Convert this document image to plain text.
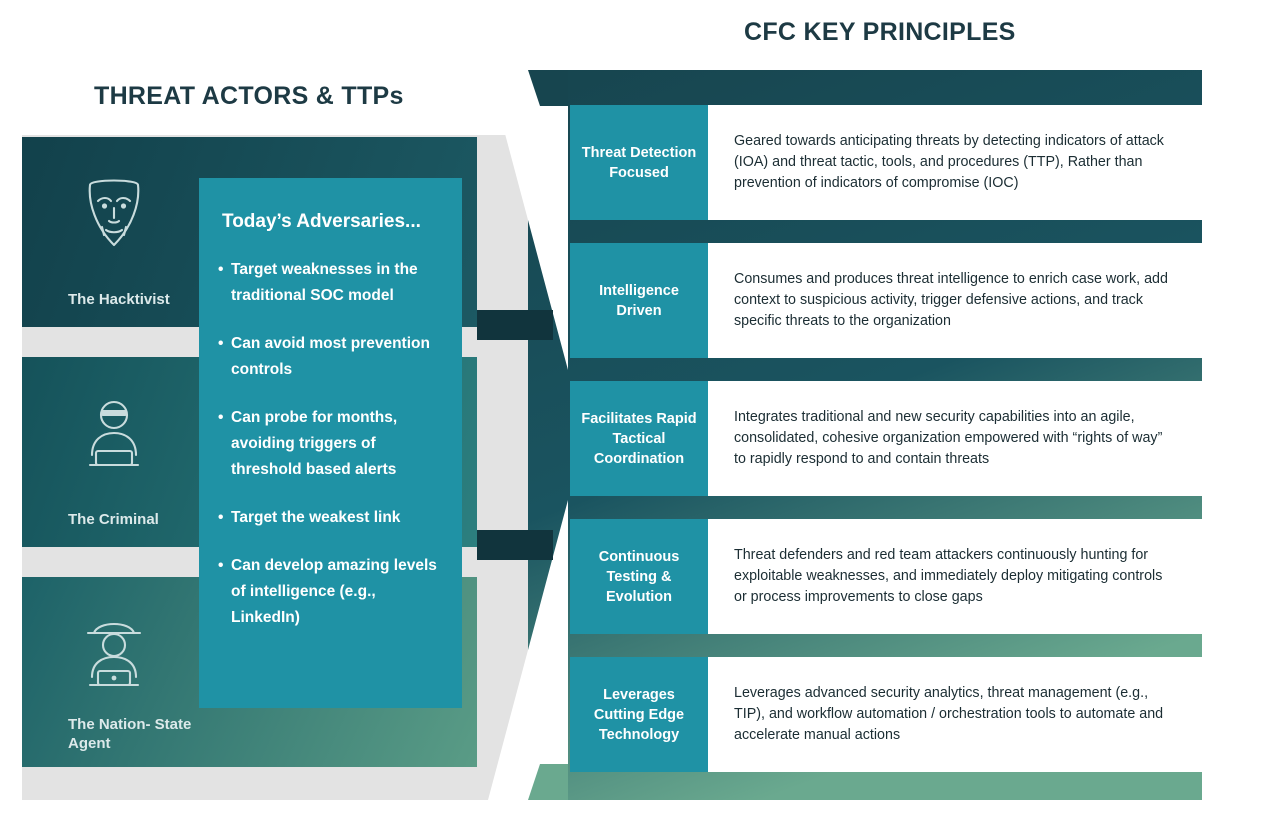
THREAT ACTORS & TTPs
CFC KEY PRINCIPLES
The Hacktivist
The Criminal
The Nation- State Agent
Today’s Adversaries...
• Target weaknesses in the traditional SOC model
• Can avoid most prevention controls
• Can probe for months, avoiding triggers of threshold based alerts
• Target the weakest link
• Can develop amazing levels of intelligence (e.g., LinkedIn)
Threat Detection Focused
Geared towards anticipating threats by detecting indicators of attack (IOA) and threat tactic, tools, and procedures (TTP), Rather than prevention of indicators of compromise (IOC)
Intelligence Driven
Consumes and produces threat intelligence to enrich case work, add context to suspicious activity, trigger defensive actions, and track specific threats to the organization
Facilitates Rapid Tactical Coordination
Integrates traditional and new security capabilities into an agile, consolidated, cohesive organization empowered with “rights of way” to rapidly respond to and contain threats
Continuous Testing & Evolution
Threat defenders and red team attackers continuously hunting for exploitable weaknesses, and immediately deploy mitigating controls or process improvements to close gaps
Leverages Cutting Edge Technology
Leverages advanced security analytics, threat management (e.g., TIP), and workflow automation / orchestration tools to automate and accelerate manual actions
